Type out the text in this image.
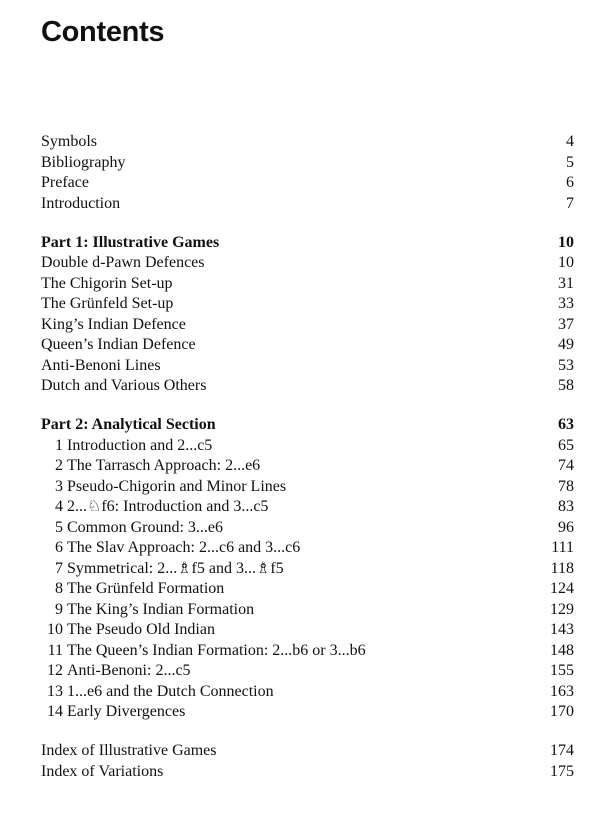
Contents
Symbols	4
Bibliography	5
Preface	6
Introduction	7
Part 1: Illustrative Games	10
Double d-Pawn Defences	10
The Chigorin Set-up	31
The Grünfeld Set-up	33
King’s Indian Defence	37
Queen’s Indian Defence	49
Anti-Benoni Lines	53
Dutch and Various Others	58
Part 2: Analytical Section	63
1 Introduction and 2...c5	65
2 The Tarrasch Approach: 2...e6	74
3 Pseudo-Chigorin and Minor Lines	78
4 2...♘f6: Introduction and 3...c5	83
5 Common Ground: 3...e6	96
6 The Slav Approach: 2...c6 and 3...c6	111
7 Symmetrical: 2...♗f5 and 3...♗f5	118
8 The Grünfeld Formation	124
9 The King’s Indian Formation	129
10 The Pseudo Old Indian	143
11 The Queen’s Indian Formation: 2...b6 or 3...b6	148
12 Anti-Benoni: 2...c5	155
13 1...e6 and the Dutch Connection	163
14 Early Divergences	170
Index of Illustrative Games	174
Index of Variations	175
